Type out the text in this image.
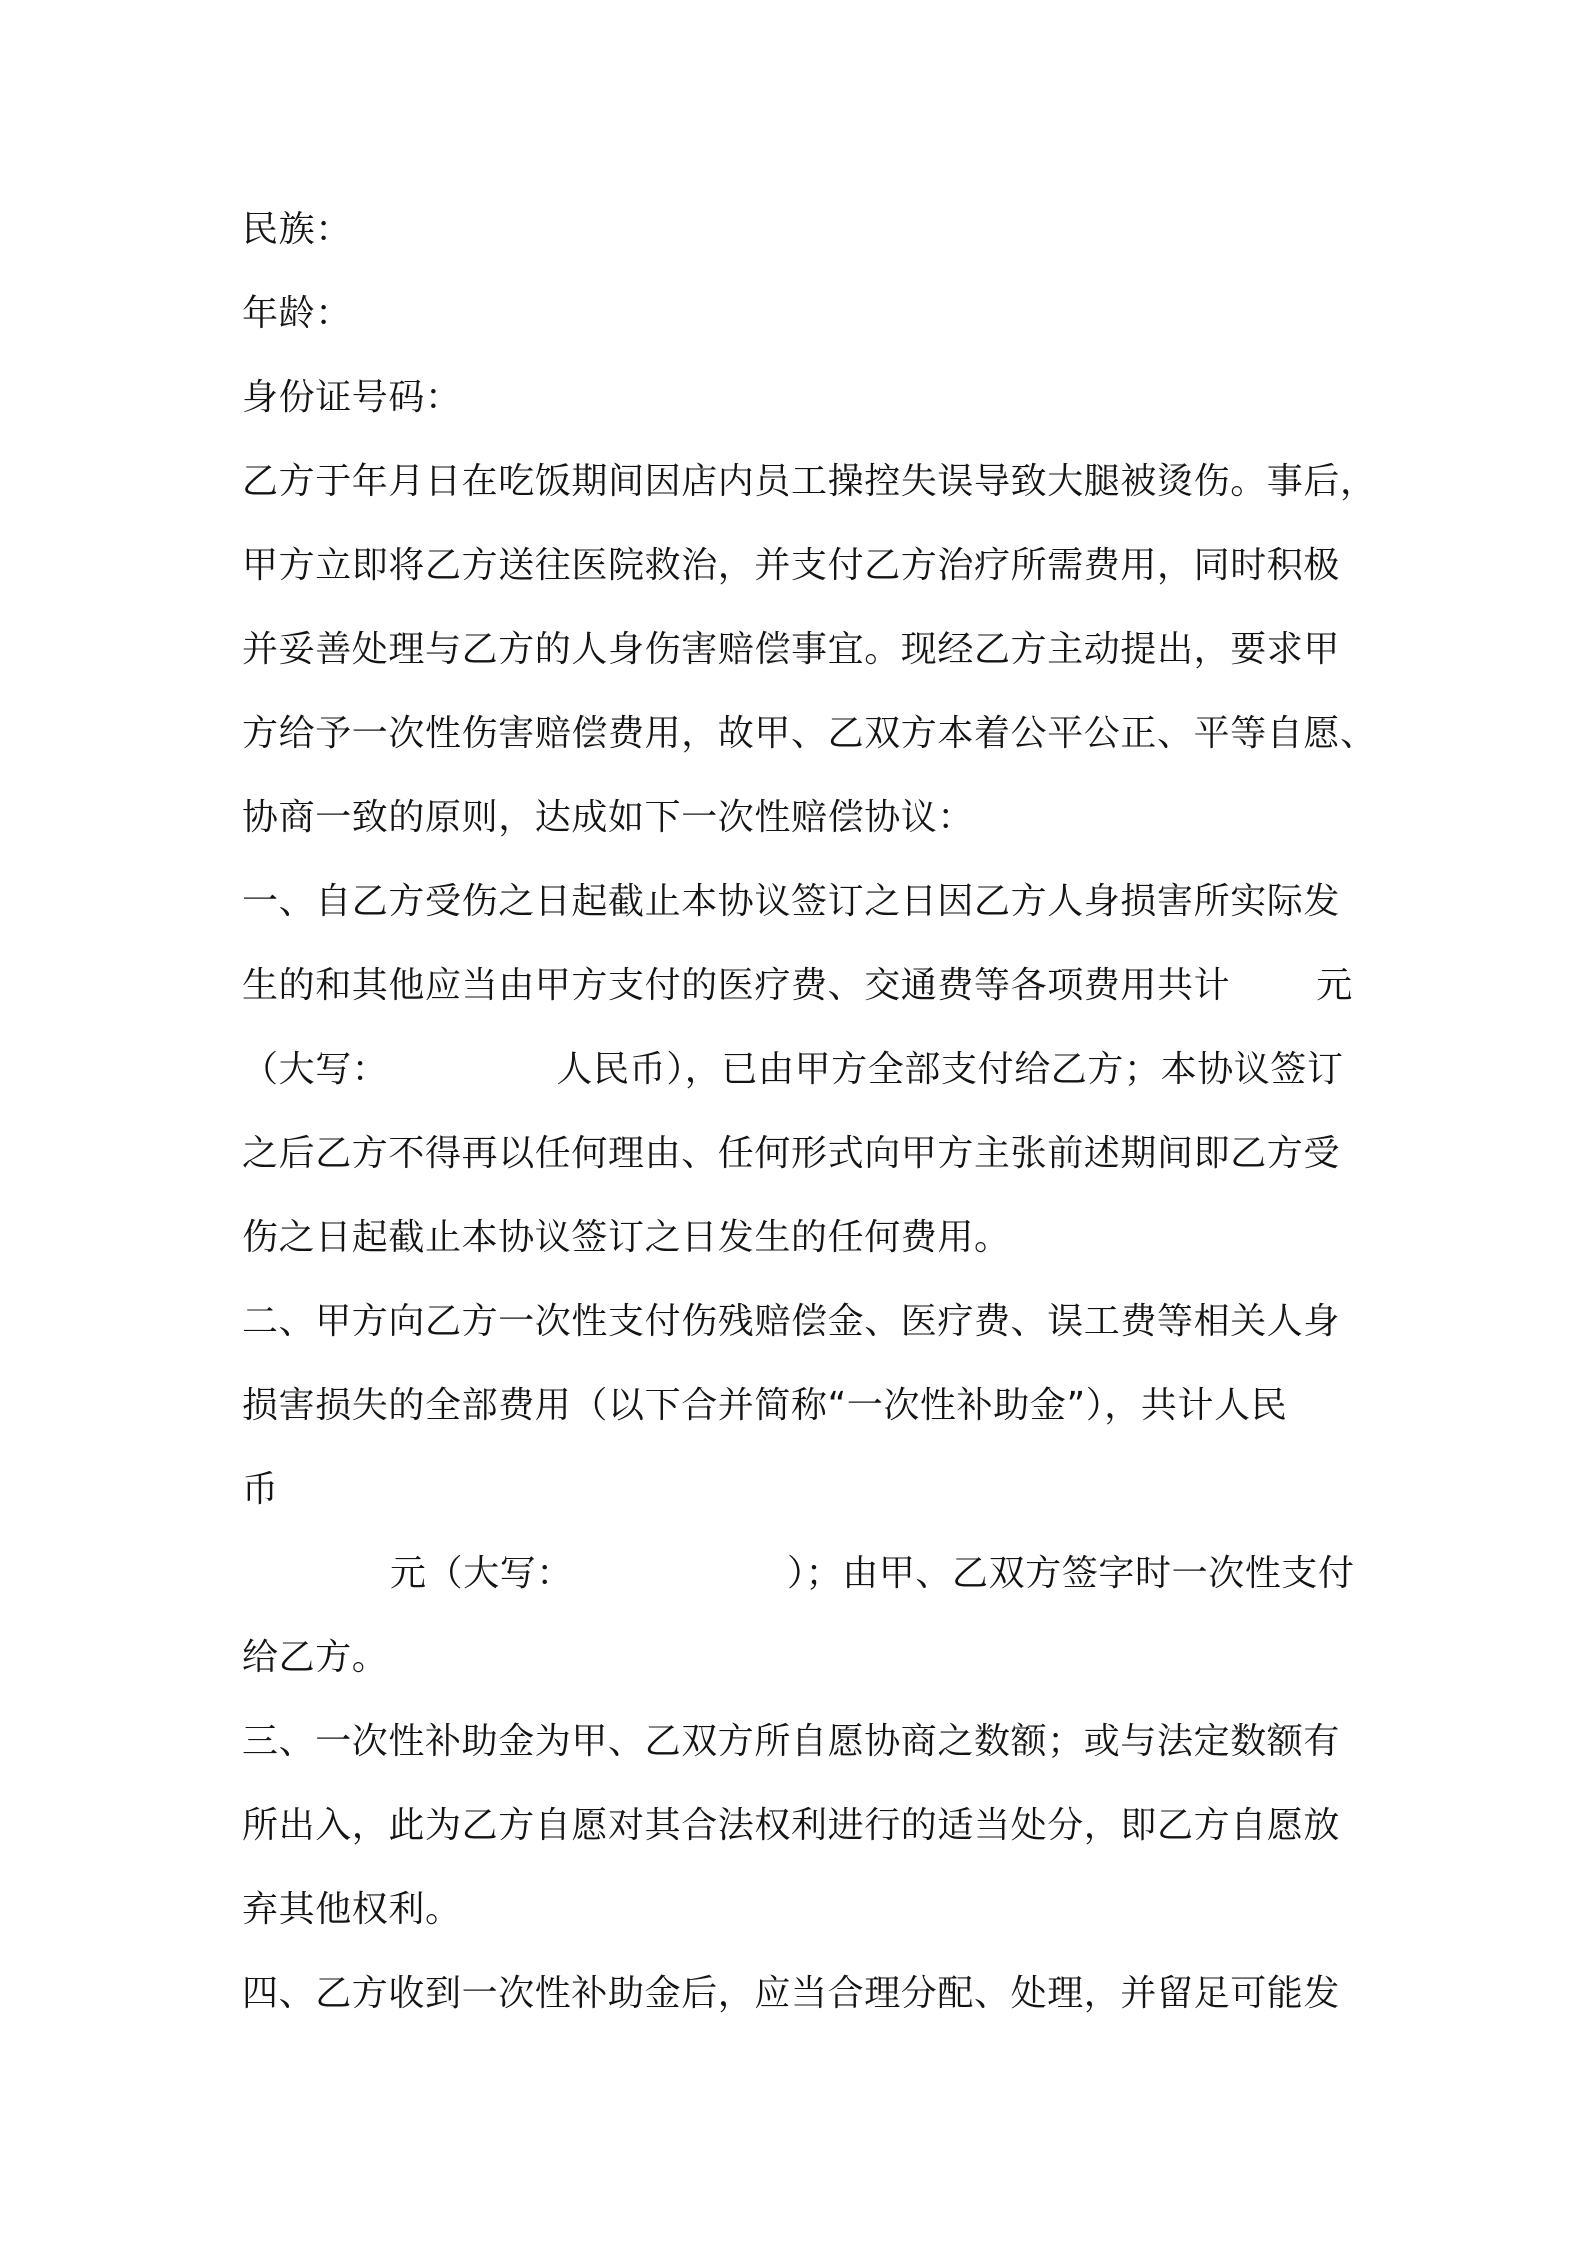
民族：
年龄：
身份证号码：
乙方于年月日在吃饭期间因店内员工操控失误导致大腿被烫伤。事后，
甲方立即将乙方送往医院救治，并支付乙方治疗所需费用，同时积极
并妥善处理与乙方的人身伤害赔偿事宜。现经乙方主动提出，要求甲
方给予一次性伤害赔偿费用，故甲、乙双方本着公平公正、平等自愿、
协商一致的原则，达成如下一次性赔偿协议：
一、自乙方受伤之日起截止本协议签订之日因乙方人身损害所实际发
生的和其他应当由甲方支付的医疗费、交通费等各项费用共计 元
（大写：	人民币），已由甲方全部支付给乙方；本协议签订
之后乙方不得再以任何理由、任何形式向甲方主张前述期间即乙方受
伤之日起截止本协议签订之日发生的任何费用。
二、甲方向乙方一次性支付伤残赔偿金、医疗费、误工费等相关人身
损害损失的全部费用（以下合并简称“一次性补助金”），共计人民
币
元（大写：	）；由甲、乙双方签字时一次性支付
给乙方。
三、一次性补助金为甲、乙双方所自愿协商之数额；或与法定数额有
所出入，此为乙方自愿对其合法权利进行的适当处分，即乙方自愿放
弃其他权利。
四、乙方收到一次性补助金后，应当合理分配、处理，并留足可能发
